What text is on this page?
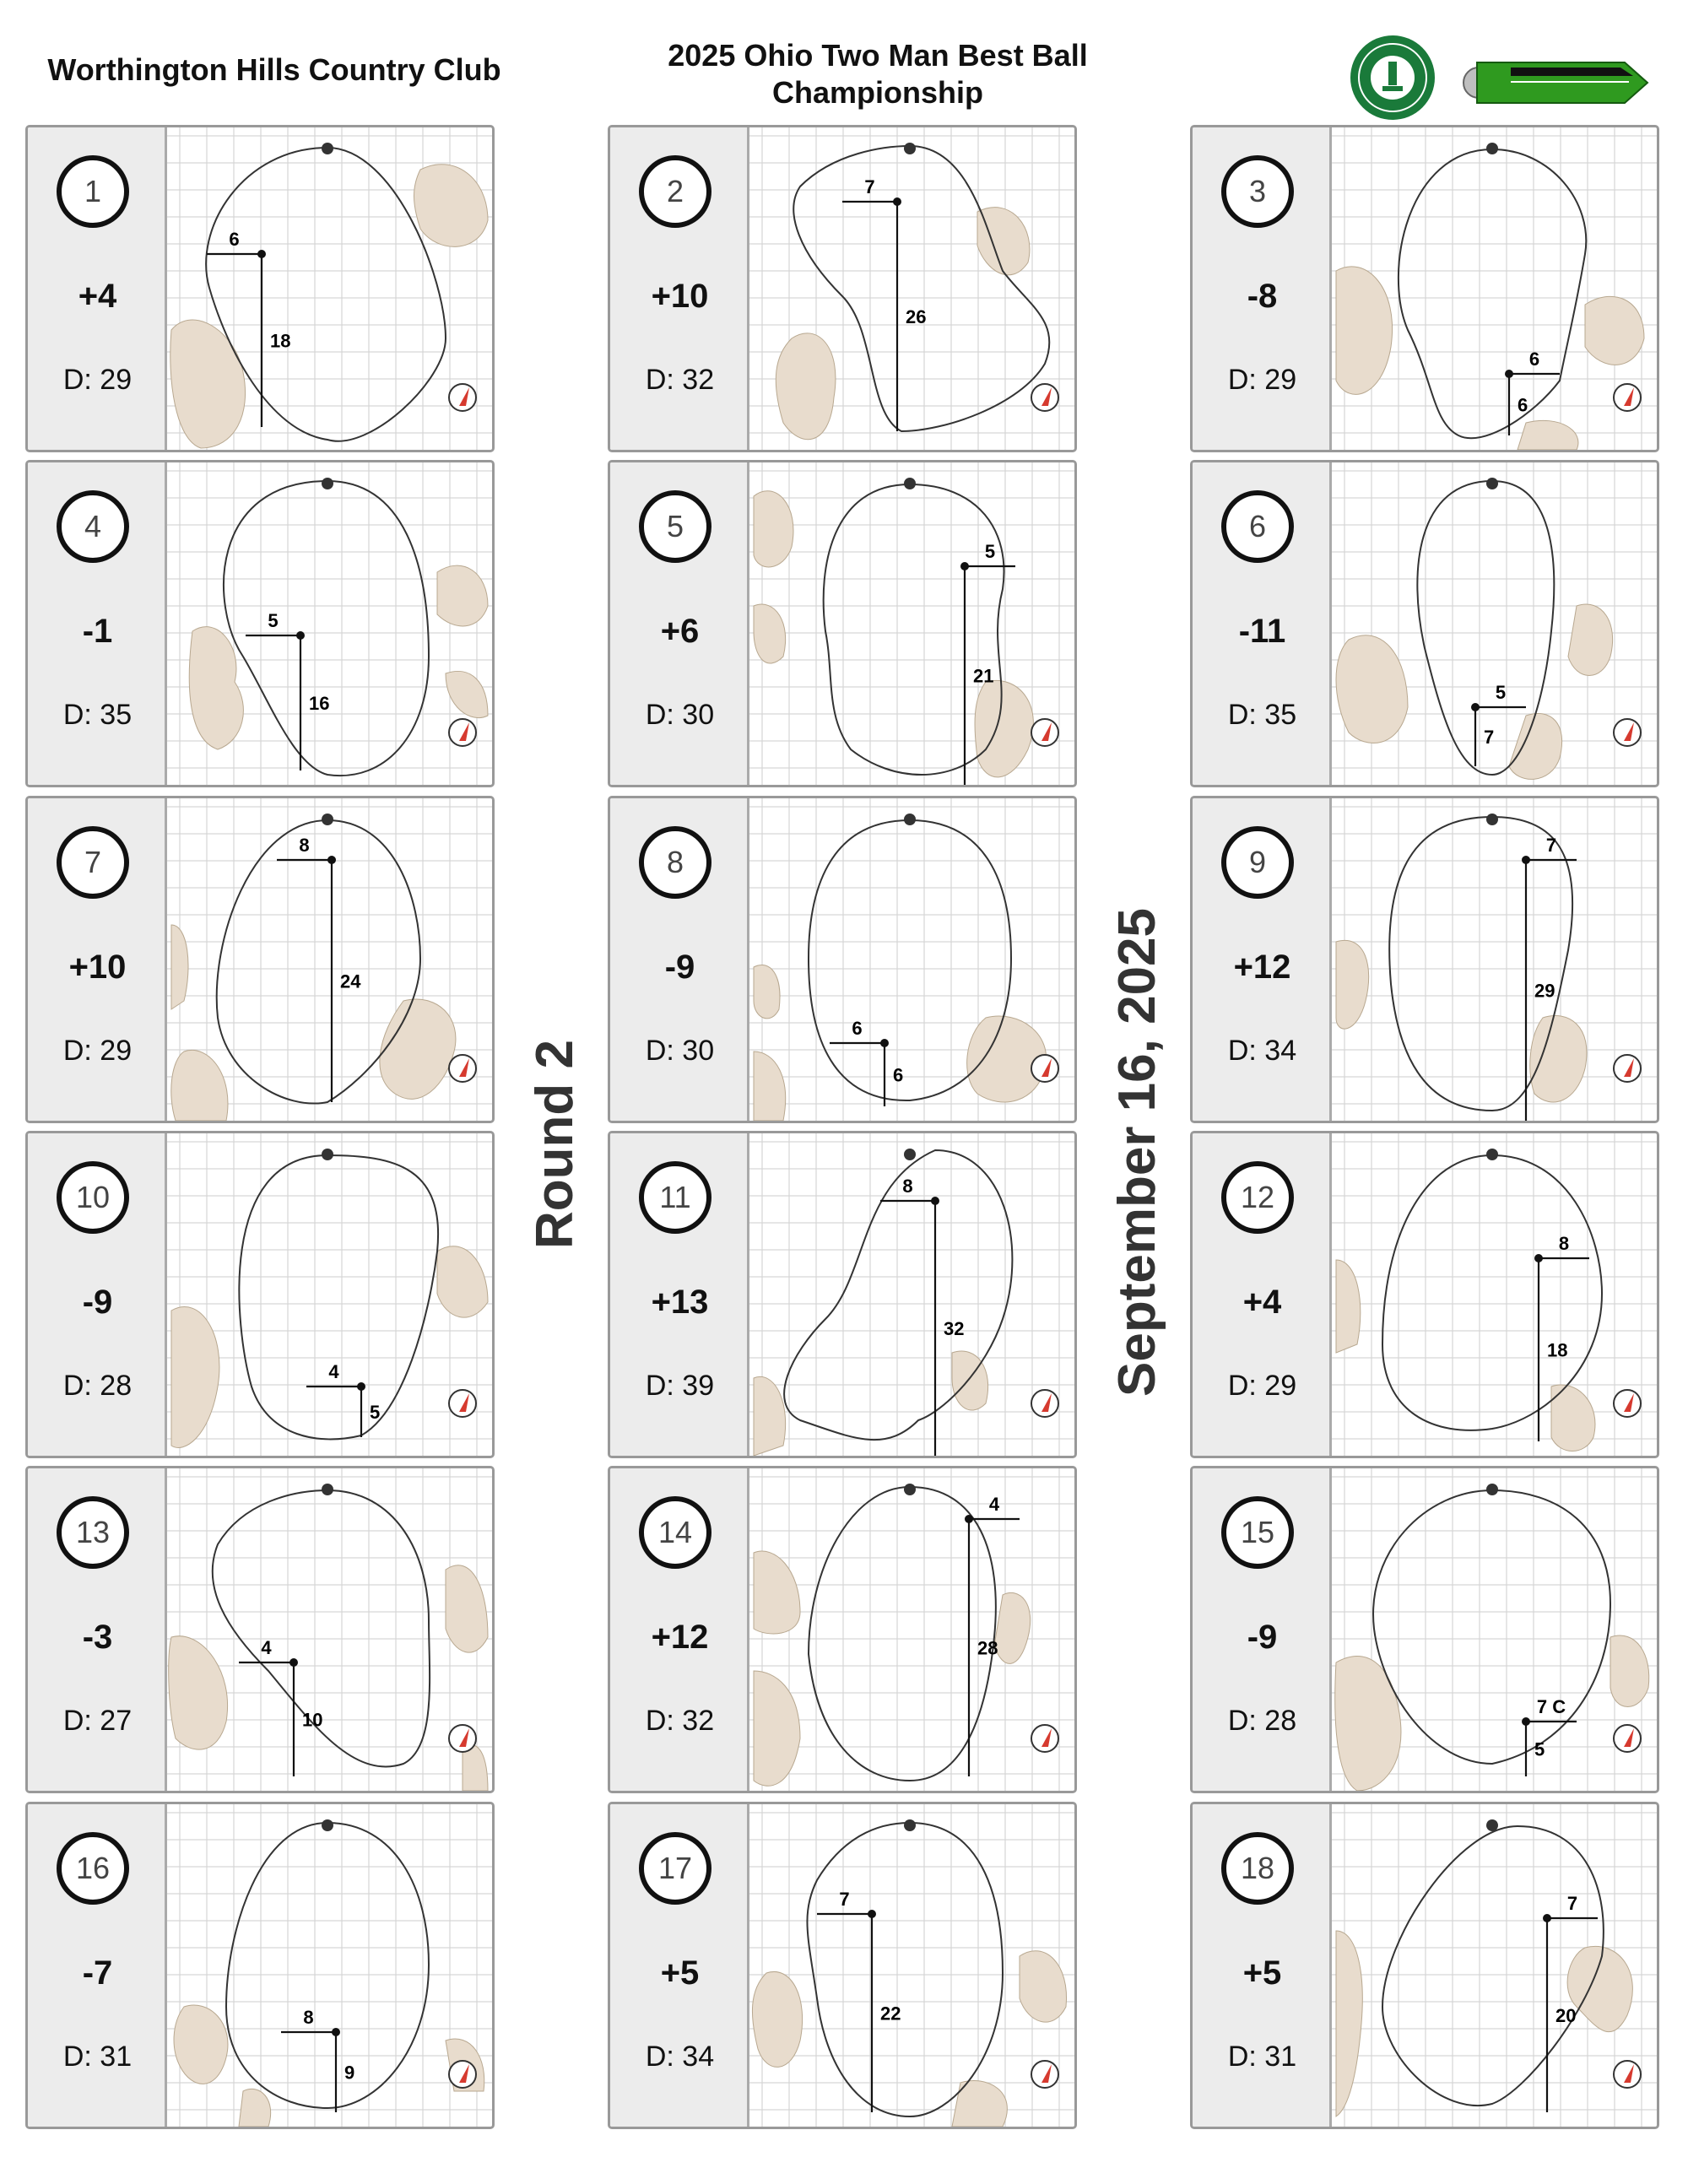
Worthington Hills Country Club	2025 Ohio Two Man Best Ball Championship
Round 2	September 16, 2025
1
+4
D: 29
6
18
2
+10
D: 32
7
26
3
-8
D: 29
6
6
4
-1
D: 35
5
16
5
+6
D: 30
5
21
6
-11
D: 35
5
7
7
+10
D: 29
8
24
8
-9
D: 30
6
6
9
+12
D: 34
7
29
10
-9
D: 28	4
5
11
+13
D: 39
8
32
12
+4
D: 29
8
18
13
-3
D: 27
4
10
14
+12
D: 32
4
28
15
-9
D: 28	7 C
5
16
-7
D: 31
8
9
17
+5
D: 34
7
22
18
+5
D: 31
7
20
